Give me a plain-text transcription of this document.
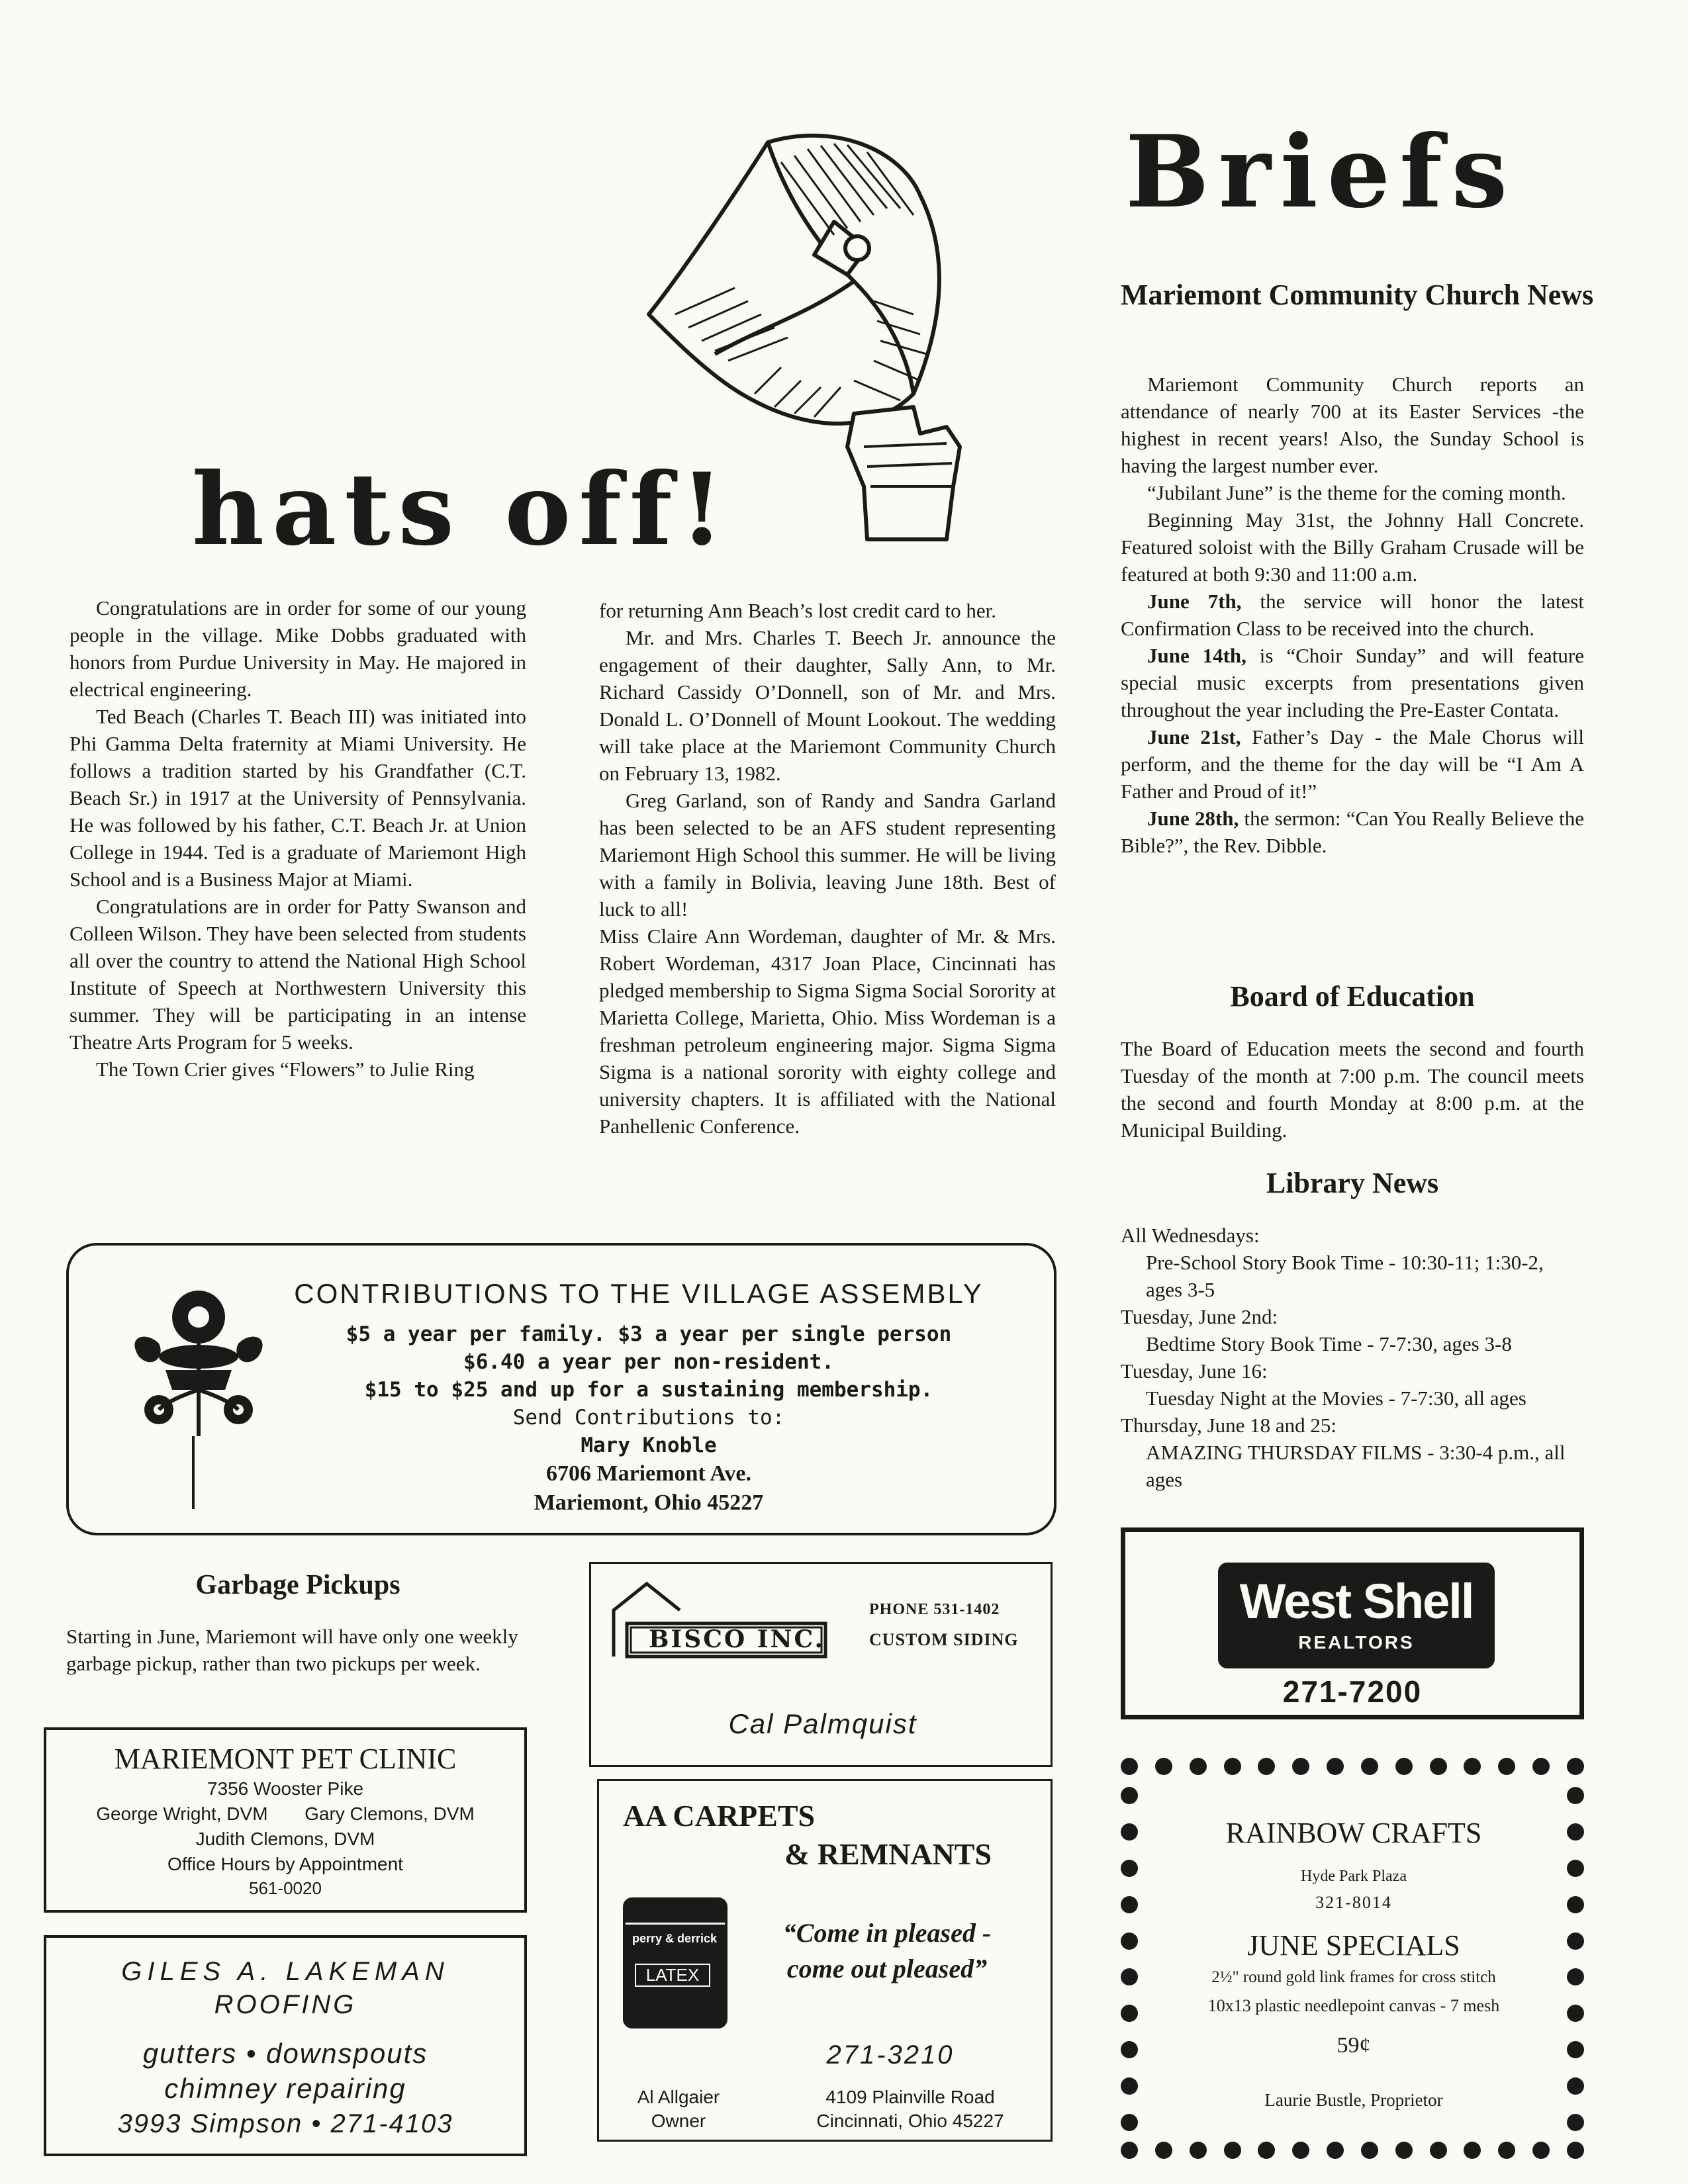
hats off!

Congratulations are in order for some of our young people in the village. Mike Dobbs graduated with honors from Purdue University in May. He majored in electrical engineering.

Ted Beach (Charles T. Beach III) was initiated into Phi Gamma Delta fraternity at Miami University. He follows a tradition started by his Grandfather (C.T. Beach Sr.) in 1917 at the University of Pennsylvania. He was followed by his father, C.T. Beach Jr. at Union College in 1944. Ted is a graduate of Mariemont High School and is a Business Major at Miami.

Congratulations are in order for Patty Swanson and Colleen Wilson. They have been selected from students all over the country to attend the National High School Institute of Speech at Northwestern University this summer. They will be participating in an intense Theatre Arts Program for 5 weeks.

The Town Crier gives “Flowers” to Julie Ring

for returning Ann Beach’s lost credit card to her.

Mr. and Mrs. Charles T. Beech Jr. announce the engagement of their daughter, Sally Ann, to Mr. Richard Cassidy O’Donnell, son of Mr. and Mrs. Donald L. O’Donnell of Mount Lookout. The wedding will take place at the Mariemont Community Church on February 13, 1982.

Greg Garland, son of Randy and Sandra Garland has been selected to be an AFS student representing Mariemont High School this summer. He will be living with a family in Bolivia, leaving June 18th. Best of luck to all!

Miss Claire Ann Wordeman, daughter of Mr. & Mrs. Robert Wordeman, 4317 Joan Place, Cincinnati has pledged membership to Sigma Sigma Social Sorority at Marietta College, Marietta, Ohio. Miss Wordeman is a freshman petroleum engineering major. Sigma Sigma Sigma is a national sorority with eighty college and university chapters. It is affiliated with the National Panhellenic Conference.

Briefs
Mariemont Community Church News

Mariemont Community Church reports an attendance of nearly 700 at its Easter Services -the highest in recent years! Also, the Sunday School is having the largest number ever.

“Jubilant June” is the theme for the coming month.

Beginning May 31st, the Johnny Hall Concrete. Featured soloist with the Billy Graham Crusade will be featured at both 9:30 and 11:00 a.m.

June 7th, the service will honor the latest Confirmation Class to be received into the church.

June 14th, is “Choir Sunday” and will feature special music excerpts from presentations given throughout the year including the Pre-Easter Contata.

June 21st, Father’s Day - the Male Chorus will perform, and the theme for the day will be “I Am A Father and Proud of it!”

June 28th, the sermon: “Can You Really Believe the Bible?”, the Rev. Dibble.

Board of Education
The Board of Education meets the second and fourth Tuesday of the month at 7:00 p.m. The council meets the second and fourth Monday at 8:00 p.m. at the Municipal Building.
Library News
All Wednesdays:
Pre-School Story Book Time - 10:30-11; 1:30-2, ages 3-5
Tuesday, June 2nd:
Bedtime Story Book Time - 7-7:30, ages 3-8
Tuesday, June 16:
Tuesday Night at the Movies - 7-7:30, all ages
Thursday, June 18 and 25:
AMAZING THURSDAY FILMS - 3:30-4 p.m., all ages
CONTRIBUTIONS TO THE VILLAGE ASSEMBLY
$5 a year per family. $3 a year per single person
$6.40 a year per non-resident.
$15 to $25 and up for a sustaining membership.
Send Contributions to:
Mary Knoble
6706 Mariemont Ave.
Mariemont, Ohio 45227
Garbage Pickups
Starting in June, Mariemont will have only one weekly garbage pickup, rather than two pickups per week.
MARIEMONT PET CLINIC
7356 Wooster Pike
George Wright, DVM Gary Clemons, DVM
Judith Clemons, DVM
Office Hours by Appointment
561-0020
GILES A. LAKEMAN
ROOFING
gutters • downspouts
chimney repairing
3993 Simpson • 271-4103
BISCO INC.
PHONE 531-1402
CUSTOM SIDING
Cal Palmquist
AA CARPETS
& REMNANTS
perry & derrick
LATEX
“Come in pleased -
come out pleased”
271-3210
Al Allgaier
Owner
4109 Plainville Road
Cincinnati, Ohio 45227
West Shell
REALTORS
271-7200
RAINBOW CRAFTS
Hyde Park Plaza
321-8014
JUNE SPECIALS
2½" round gold link frames for cross stitch
10x13 plastic needlepoint canvas - 7 mesh
59¢
Laurie Bustle, Proprietor
